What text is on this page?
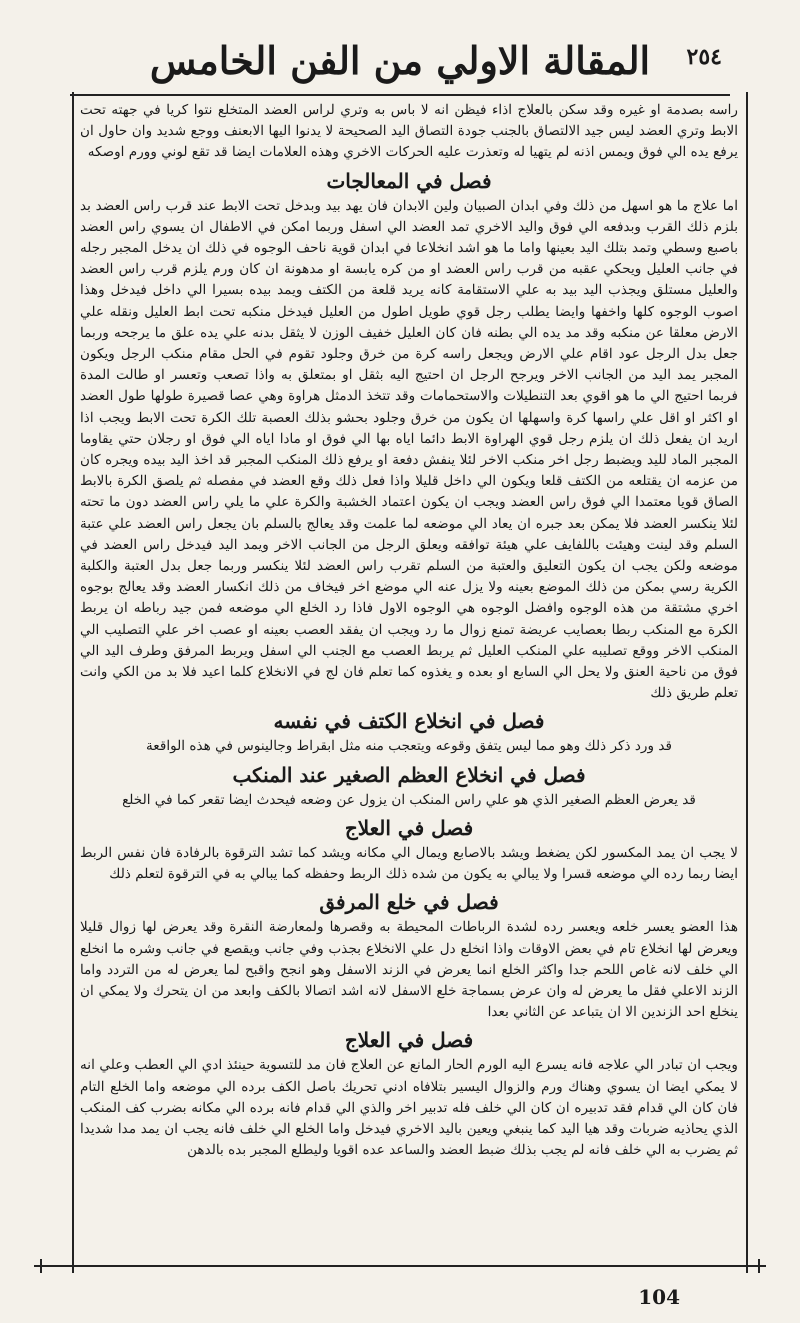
المقالة الاولي من الفن الخامس	٢٥٤

راسه بصدمة او غيره وقد سكن بالعلاج اذاء فيظن انه لا باس به وتري لراس العضد المتخلع نتوا كريا في جهته تحت الابط وتري العضد ليس جيد الالتصاق بالجنب جودة التصاق اليد الصحيحة لا يدنوا اليها الابعنف ووجع شديد وان حاول ان يرفع يده الي فوق ويمس اذنه لم يتهيا له وتعذرت عليه الحركات الاخري وهذه العلامات ايضا قد تقع لوني وورم اوصكه

فصل في المعالجات

اما علاج ما هو اسهل من ذلك وفي ابدان الصبيان ولين الابدان فان يهد بيد وبدخل تحت الابط عند قرب راس العضد بد بلزم ذلك القرب وبدفعه الي فوق واليد الاخري تمد العضد الي اسفل وربما امكن في الاطفال ان يسوي راس العضد باصبع وسطي وتمد بتلك اليد بعينها واما ما هو اشد انخلاعا في ابدان قوية ناحف الوجوه في ذلك ان يدخل المجبر رجله في جانب العليل ويحكي عقبه من قرب راس العضد او من كره يابسة او مدهونة ان كان ورم يلزم قرب راس العضد والعليل مستلق ويجذب اليد بيد به علي الاستقامة كانه يريد قلعة من الكتف ويمد بيده بسيرا الي داخل فيدخل وهذا اصوب الوجوه كلها واخفها وايضا يطلب رجل قوي طويل اطول من العليل فيدخل منكبه تحت ابط العليل ونقله علي الارض معلقا عن منكبه وقد مد يده الي بطنه فان كان العليل خفيف الوزن لا يثقل بدنه علي يده علق ما يرجحه وربما جعل بدل الرجل عود اقام علي الارض ويجعل راسه كرة من خرق وجلود تقوم في الحل مقام منكب الرجل ويكون المجبر يمد اليد من الجانب الاخر ويرجح الرجل ان احتيج اليه بثقل او بمتعلق به واذا تصعب وتعسر او طالت المدة فربما احتيج الي ما هو اقوي بعد التنطيلات والاستحمامات وقد تتخذ الدمثل هراوة وهي عصا قصيرة طولها طول العضد او اكثر او اقل علي راسها كرة واسهلها ان يكون من خرق وجلود بحشو بذلك العصبة تلك الكرة تحت الابط ويجب اذا اريد ان يفعل ذلك ان يلزم رجل قوي الهراوة الابط دائما اياه بها الي فوق او مادا اياه الي فوق او رجلان حتي يقاوما المجبر الماد لليد ويضبط رجل اخر منكب الاخر لئلا ينفش دفعة او يرفع ذلك المنكب المجبر قد اخذ اليد بيده ويجره كان من عزمه ان يقتلعه من الكتف قلعا ويكون الي داخل قليلا واذا فعل ذلك وقع العضد في مفصله ثم يلصق الكرة بالابط الصاق قويا معتمدا الي فوق راس العضد ويجب ان يكون اعتماد الخشبة والكرة علي ما يلي راس العضد دون ما تحته لئلا ينكسر العضد فلا يمكن بعد جبره ان يعاد الي موضعه لما علمت وقد يعالج بالسلم بان يجعل راس العضد علي عتبة السلم وقد لينت وهيئت باللفايف علي هيئة توافقه ويعلق الرجل من الجانب الاخر ويمد اليد فيدخل راس العضد في موضعه ولكن يجب ان يكون التعليق والعتبة من السلم تقرب راس العضد لئلا ينكسر وربما جعل بدل العتبة والكلبة الكرية رسي بمكن من ذلك الموضع بعينه ولا يزل عنه الي موضع اخر فيخاف من ذلك انكسار العضد وقد يعالج بوجوه اخري مشتقة من هذه الوجوه وافضل الوجوه هي الوجوه الاول فاذا رد الخلع الي موضعه فمن جيد رباطه ان يربط الكرة مع المنكب ربطا بعصايب عريضة تمنع زوال ما رد ويجب ان يفقد العصب بعينه او عصب اخر علي التصليب الي المنكب الاخر ووقع تصليبه علي المنكب العليل ثم يربط العصب مع الجنب الي اسفل ويربط المرفق وطرف اليد الي فوق من ناحية العنق ولا يحل الي السابع او بعده و يغذوه كما تعلم فان لج في الانخلاع كلما اعيد فلا بد من الكي وانت تعلم طريق ذلك

فصل في انخلاع الكتف في نفسه

قد ورد ذكر ذلك وهو مما ليس يتفق وقوعه ويتعجب منه مثل ابقراط وجالينوس في هذه الواقعة

فصل في انخلاع العظم الصغير عند المنكب

قد يعرض العظم الصغير الذي هو علي راس المنكب ان يزول عن وضعه فيحدث ايضا تقعر كما في الخلع

فصل في العلاج

لا يجب ان يمد المكسور لكن يضغط ويشد بالاصابع ويمال الي مكانه ويشد كما تشد الترقوة بالرفادة فان نفس الربط ايضا ربما رده الي موضعه قسرا ولا يبالي به يكون من شده ذلك الربط وحفظه كما يبالي به في الترقوة لتعلم ذلك

فصل في خلع المرفق

هذا العضو يعسر خلعه ويعسر رده لشدة الرباطات المحيطة به وقصرها ولمعارضة النقرة وقد يعرض لها زوال قليلا ويعرض لها انخلاع تام في بعض الاوقات واذا انخلع دل علي الانخلاع بجذب وفي جانب ويقصع في جانب وشره ما انخلع الي خلف لانه غاص اللحم جدا واكثر الخلع انما يعرض في الزند الاسفل وهو انجح واقبح لما يعرض له من التردد واما الزند الاعلي فقل ما يعرض له وان عرض بسماجة خلع الاسفل لانه اشد اتصالا بالكف وابعد من ان يتحرك ولا يمكي ان ينخلع احد الزندين الا ان يتباعد عن الثاني بعدا

فصل في العلاج

ويجب ان تبادر الي علاجه فانه يسرع اليه الورم الحار المانع عن العلاج فان مد للتسوية حينئذ ادي الي العطب وعلي انه لا يمكي ايضا ان يسوي وهناك ورم والزوال اليسير بتلافاه ادني تحريك باصل الكف برده الي موضعه واما الخلع التام فان كان الي قدام فقد تدبيره ان كان الي خلف فله تدبير اخر والذي الي قدام فانه برده الي مكانه بضرب كف المنكب الذي يحاذيه ضربات وقد هيا اليد كما ينبغي ويعين باليد الاخري فيدخل واما الخلع الي خلف فانه يجب ان يمد مدا شديدا ثم يضرب به الي خلف فانه لم يجب بذلك ضبط العضد والساعد عده اقويا وليطلع المجبر بده بالدهن

104
